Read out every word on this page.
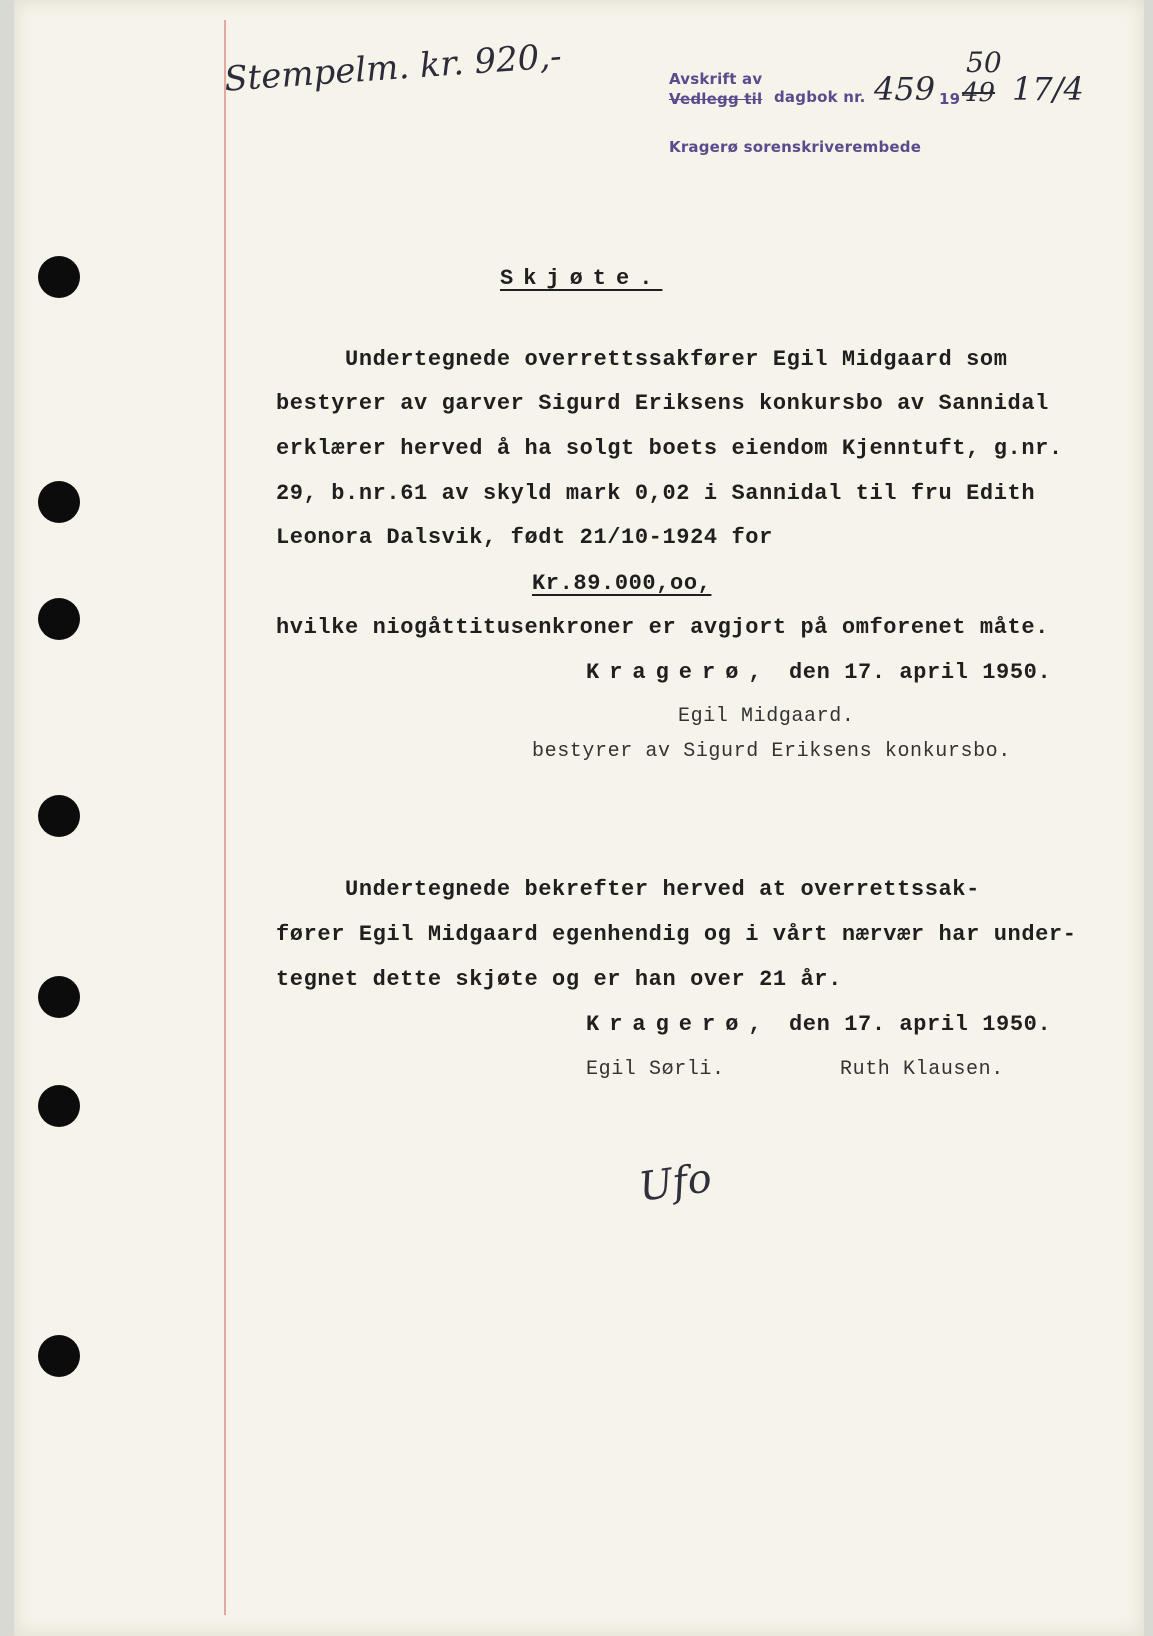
Stempelm. kr. 920,-	Avskrift av
Vedlegg til dagbok nr. 459 19 49
50
17/4
Kragerø sorenskriverembede
Skjøte.
Undertegnede overrettssakfører Egil Midgaard som
bestyrer av garver Sigurd Eriksens konkursbo av Sannidal
erklærer herved å ha solgt boets eiendom Kjenntuft, g.nr.
29, b.nr.61 av skyld mark 0,02 i Sannidal til fru Edith
Leonora Dalsvik, født 21/10-1924 for
Kr.89.000,oo,
hvilke niogåttitusenkroner er avgjort på omforenet måte.
Kragerø, den 17. april 1950.
Egil Midgaard.
bestyrer av Sigurd Eriksens konkursbo.
Undertegnede bekrefter herved at overrettssak-
fører Egil Midgaard egenhendig og i vårt nærvær har under-
tegnet dette skjøte og er han over 21 år.
Kragerø, den 17. april 1950.
Egil Sørli.	Ruth Klausen.
Ufo
